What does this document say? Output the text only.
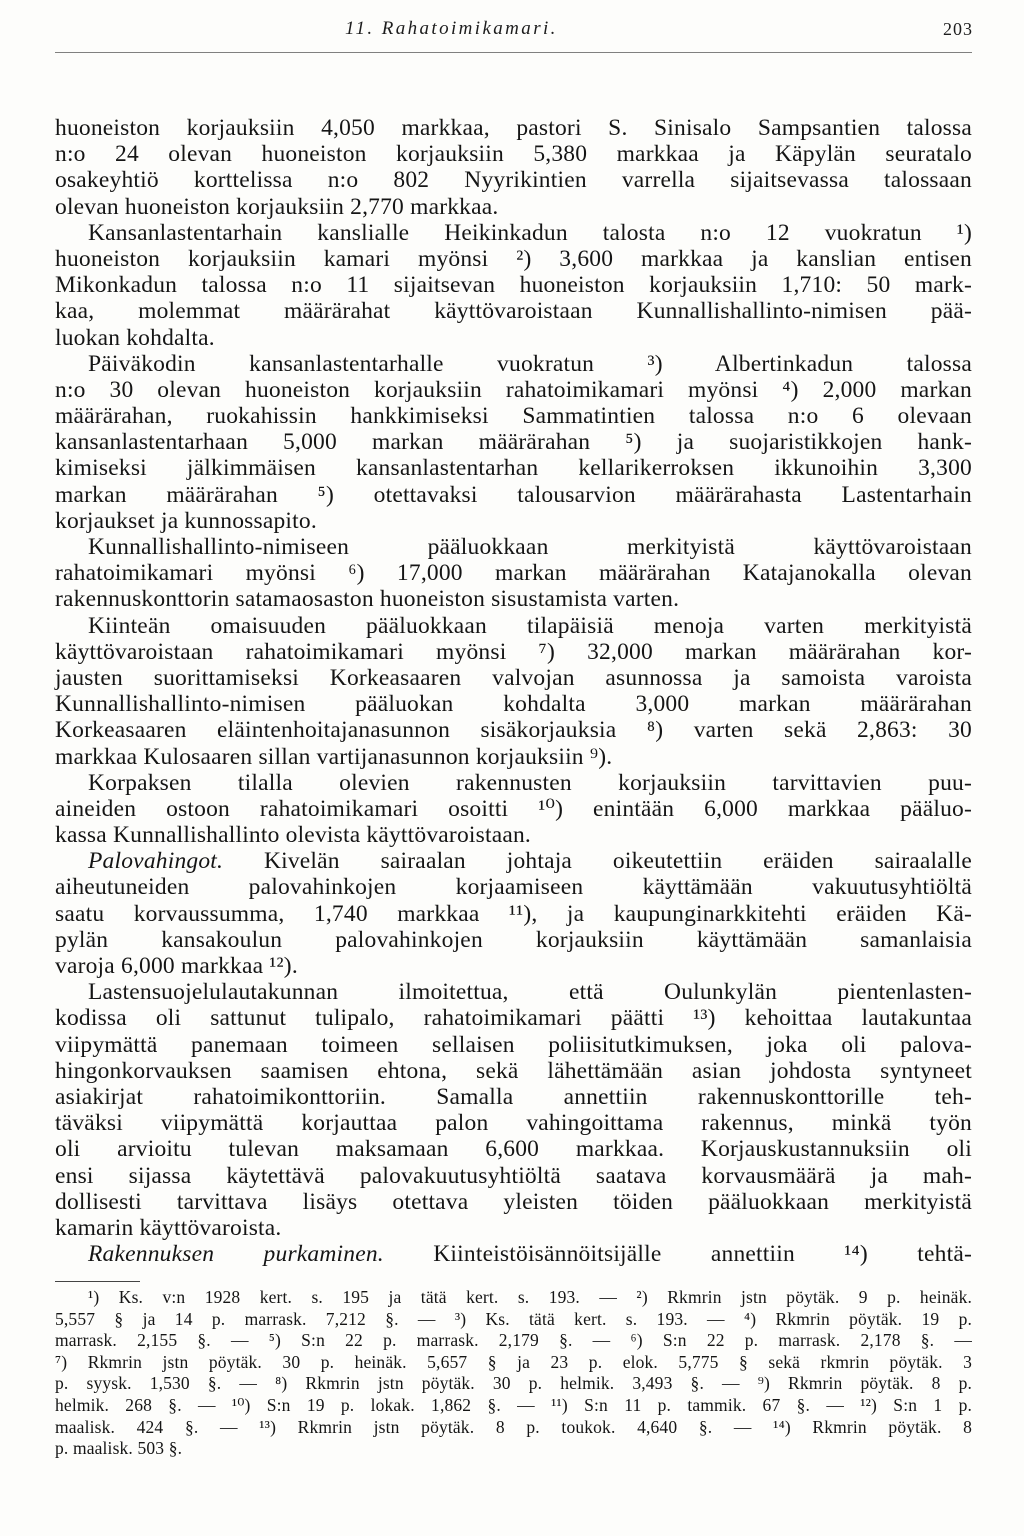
11. Rahatoimikamari.	203
huoneiston korjauksiin 4,050 markkaa, pastori S. Sinisalo Sampsantien talossa
n:o 24 olevan huoneiston korjauksiin 5,380 markkaa ja Käpylän seuratalo
osakeyhtiö korttelissa n:o 802 Nyyrikintien varrella sijaitsevassa talossaan
olevan huoneiston korjauksiin 2,770 markkaa.
Kansanlastentarhain kanslialle Heikinkadun talosta n:o 12 vuokratun ¹)
huoneiston korjauksiin kamari myönsi ²) 3,600 markkaa ja kanslian entisen
Mikonkadun talossa n:o 11 sijaitsevan huoneiston korjauksiin 1,710: 50 mark-
kaa, molemmat määrärahat käyttövaroistaan Kunnallishallinto-nimisen pää-
luokan kohdalta.
Päiväkodin kansanlastentarhalle vuokratun ³) Albertinkadun talossa
n:o 30 olevan huoneiston korjauksiin rahatoimikamari myönsi ⁴) 2,000 markan
määrärahan, ruokahissin hankkimiseksi Sammatintien talossa n:o 6 olevaan
kansanlastentarhaan 5,000 markan määrärahan ⁵) ja suojaristikkojen hank-
kimiseksi jälkimmäisen kansanlastentarhan kellarikerroksen ikkunoihin 3,300
markan määrärahan ⁵) otettavaksi talousarvion määrärahasta Lastentarhain
korjaukset ja kunnossapito.
Kunnallishallinto-nimiseen pääluokkaan merkityistä käyttövaroistaan
rahatoimikamari myönsi ⁶) 17,000 markan määrärahan Katajanokalla olevan
rakennuskonttorin satamaosaston huoneiston sisustamista varten.
Kiinteän omaisuuden pääluokkaan tilapäisiä menoja varten merkityistä
käyttövaroistaan rahatoimikamari myönsi ⁷) 32,000 markan määrärahan kor-
jausten suorittamiseksi Korkeasaaren valvojan asunnossa ja samoista varoista
Kunnallishallinto-nimisen pääluokan kohdalta 3,000 markan määrärahan
Korkeasaaren eläintenhoitajanasunnon sisäkorjauksia ⁸) varten sekä 2,863: 30
markkaa Kulosaaren sillan vartijanasunnon korjauksiin ⁹).
Korpaksen tilalla olevien rakennusten korjauksiin tarvittavien puu-
aineiden ostoon rahatoimikamari osoitti ¹⁰) enintään 6,000 markkaa pääluo-
kassa Kunnallishallinto olevista käyttövaroistaan.
Palovahingot. Kivelän sairaalan johtaja oikeutettiin eräiden sairaalalle
aiheutuneiden palovahinkojen korjaamiseen käyttämään vakuutusyhtiöltä
saatu korvaussumma, 1,740 markkaa ¹¹), ja kaupunginarkkitehti eräiden Kä-
pylän kansakoulun palovahinkojen korjauksiin käyttämään samanlaisia
varoja 6,000 markkaa ¹²).
Lastensuojelulautakunnan ilmoitettua, että Oulunkylän pientenlasten-
kodissa oli sattunut tulipalo, rahatoimikamari päätti ¹³) kehoittaa lautakuntaa
viipymättä panemaan toimeen sellaisen poliisitutkimuksen, joka oli palova-
hingonkorvauksen saamisen ehtona, sekä lähettämään asian johdosta syntyneet
asiakirjat rahatoimikonttoriin. Samalla annettiin rakennuskonttorille teh-
täväksi viipymättä korjauttaa palon vahingoittama rakennus, minkä työn
oli arvioitu tulevan maksamaan 6,600 markkaa. Korjauskustannuksiin oli
ensi sijassa käytettävä palovakuutusyhtiöltä saatava korvausmäärä ja mah-
dollisesti tarvittava lisäys otettava yleisten töiden pääluokkaan merkityistä
kamarin käyttövaroista.
Rakennuksen purkaminen. Kiinteistöisännöitsijälle annettiin ¹⁴) tehtä-
¹) Ks. v:n 1928 kert. s. 195 ja tätä kert. s. 193. — ²) Rkmrin jstn pöytäk. 9 p. heinäk.
5,557 § ja 14 p. marrask. 7,212 §. — ³) Ks. tätä kert. s. 193. — ⁴) Rkmrin pöytäk. 19 p.
marrask. 2,155 §. — ⁵) S:n 22 p. marrask. 2,179 §. — ⁶) S:n 22 p. marrask. 2,178 §. —
⁷) Rkmrin jstn pöytäk. 30 p. heinäk. 5,657 § ja 23 p. elok. 5,775 § sekä rkmrin pöytäk. 3
p. syysk. 1,530 §. — ⁸) Rkmrin jstn pöytäk. 30 p. helmik. 3,493 §. — ⁹) Rkmrin pöytäk. 8 p.
helmik. 268 §. — ¹⁰) S:n 19 p. lokak. 1,862 §. — ¹¹) S:n 11 p. tammik. 67 §. — ¹²) S:n 1 p.
maalisk. 424 §. — ¹³) Rkmrin jstn pöytäk. 8 p. toukok. 4,640 §. — ¹⁴) Rkmrin pöytäk. 8
p. maalisk. 503 §.
